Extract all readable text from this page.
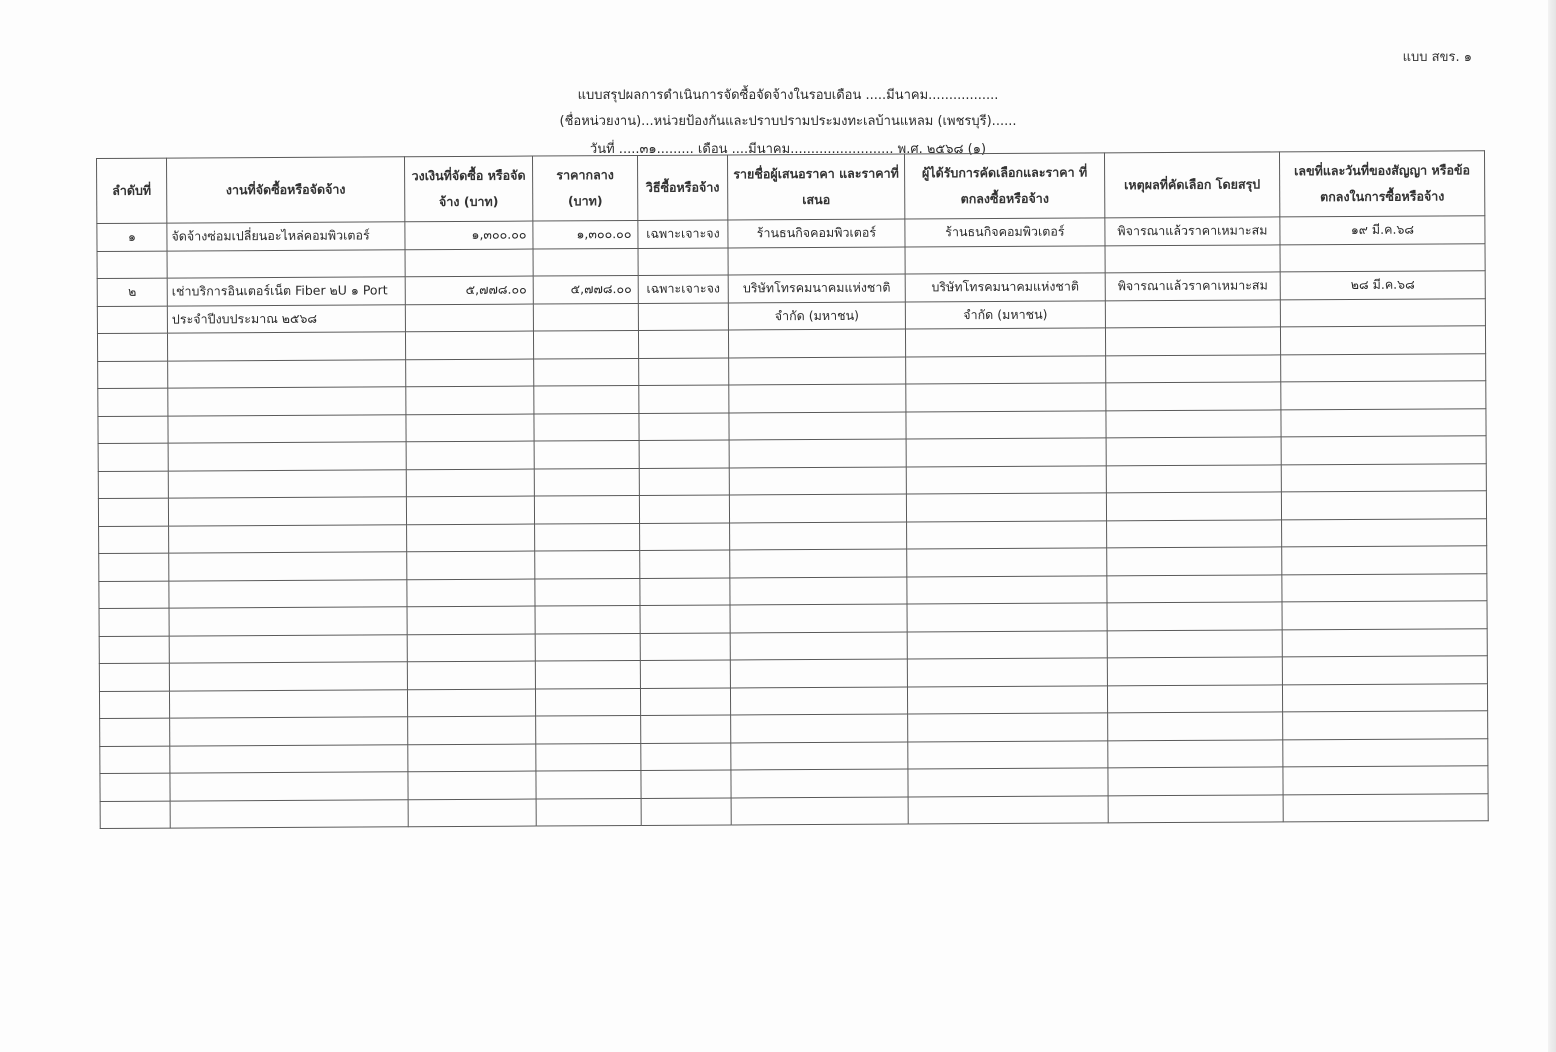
แบบ สขร. ๑
แบบสรุปผลการดำเนินการจัดซื้อจัดจ้างในรอบเดือน .....มีนาคม.................
(ชื่อหน่วยงาน)...หน่วยป้องกันและปราบปรามประมงทะเลบ้านแหลม (เพชรบุรี)......
วันที่ .....๓๑......... เดือน ....มีนาคม......................... พ.ศ. ๒๕๖๘ (๑)
ลำดับที่	งานที่จัดซื้อหรือจัดจ้าง	วงเงินที่จัดซื้อ หรือจัดจ้าง (บาท)	ราคากลาง (บาท)	วิธีซื้อหรือจ้าง	รายชื่อผู้เสนอราคา และราคาที่เสนอ	ผู้ได้รับการคัดเลือกและราคา ที่ตกลงซื้อหรือจ้าง	เหตุผลที่คัดเลือก โดยสรุป	เลขที่และวันที่ของสัญญา หรือข้อตกลงในการซื้อหรือจ้าง
๑	จัดจ้างซ่อมเปลี่ยนอะไหล่คอมพิวเตอร์	๑,๓๐๐.๐๐	๑,๓๐๐.๐๐	เฉพาะเจาะจง	ร้านธนกิจคอมพิวเตอร์	ร้านธนกิจคอมพิวเตอร์	พิจารณาแล้วราคาเหมาะสม	๑๙ มี.ค.๖๘

๒	เช่าบริการอินเตอร์เน็ต Fiber ๒U ๑ Port	๕,๗๗๘.๐๐	๕,๗๗๘.๐๐	เฉพาะเจาะจง	บริษัทโทรคมนาคมแห่งชาติ	บริษัทโทรคมนาคมแห่งชาติ	พิจารณาแล้วราคาเหมาะสม	๒๘ มี.ค.๖๘
	ประจำปีงบประมาณ ๒๕๖๘				จำกัด (มหาชน)	จำกัด (มหาชน)		
